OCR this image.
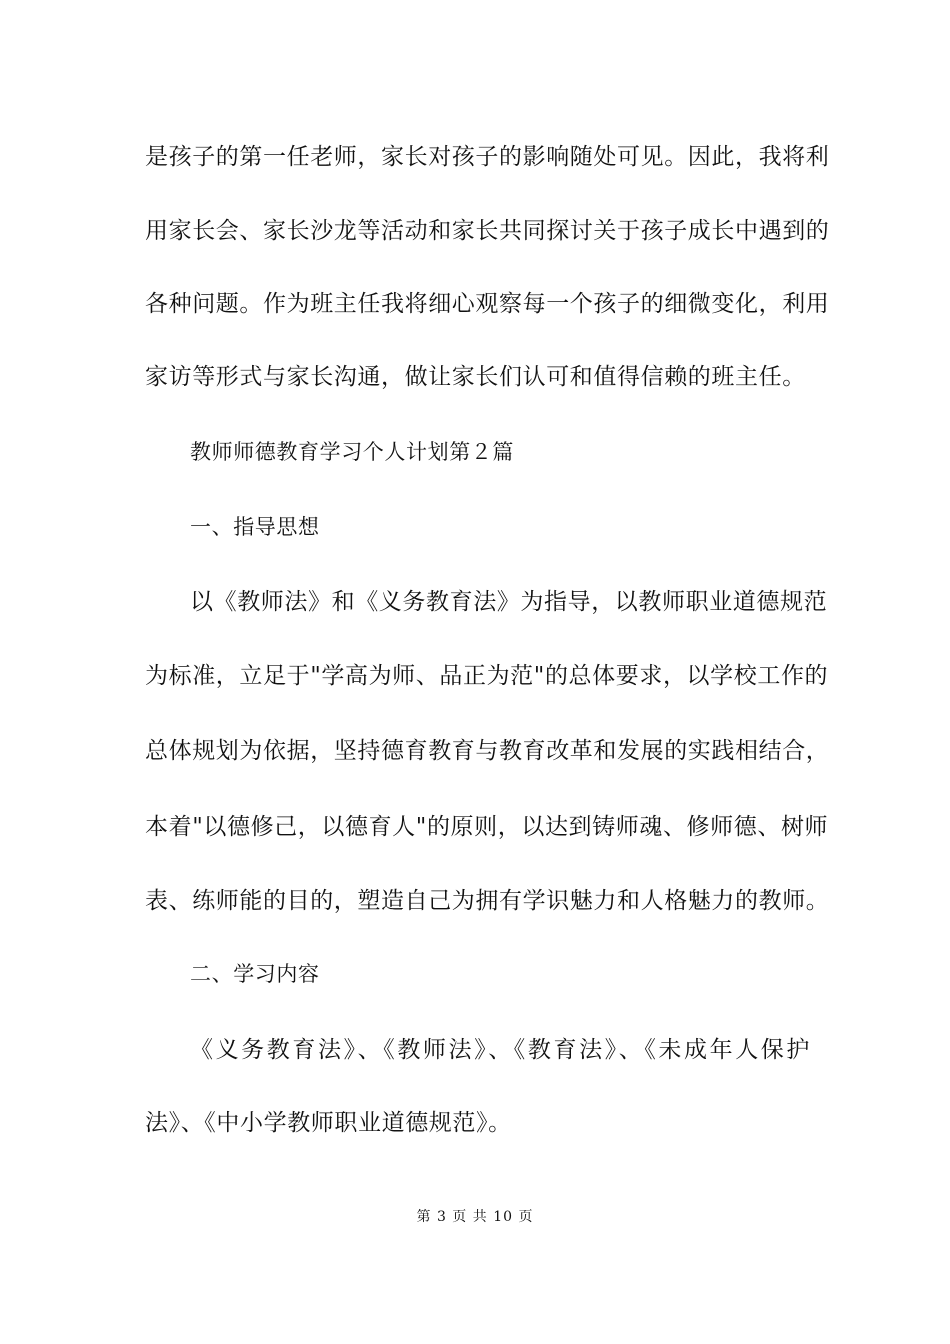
是孩子的第一任老师，家长对孩子的影响随处可见。因此，我将利
用家长会、家长沙龙等活动和家长共同探讨关于孩子成长中遇到的
各种问题。作为班主任我将细心观察每一个孩子的细微变化，利用
家访等形式与家长沟通，做让家长们认可和值得信赖的班主任。
教师师德教育学习个人计划第２篇
一、指导思想
以《教师法》和《义务教育法》为指导，以教师职业道德规范
为标准，立足于"学高为师、品正为范"的总体要求，以学校工作的
总体规划为依据，坚持德育教育与教育改革和发展的实践相结合，
本着"以德修己，以德育人"的原则，以达到铸师魂、修师德、树师
表、练师能的目的，塑造自己为拥有学识魅力和人格魅力的教师。
二、学习内容
《义务教育法》、《教师法》、《教育法》、《未成年人保护
法》、《中小学教师职业道德规范》。
第 3 页 共 10 页
